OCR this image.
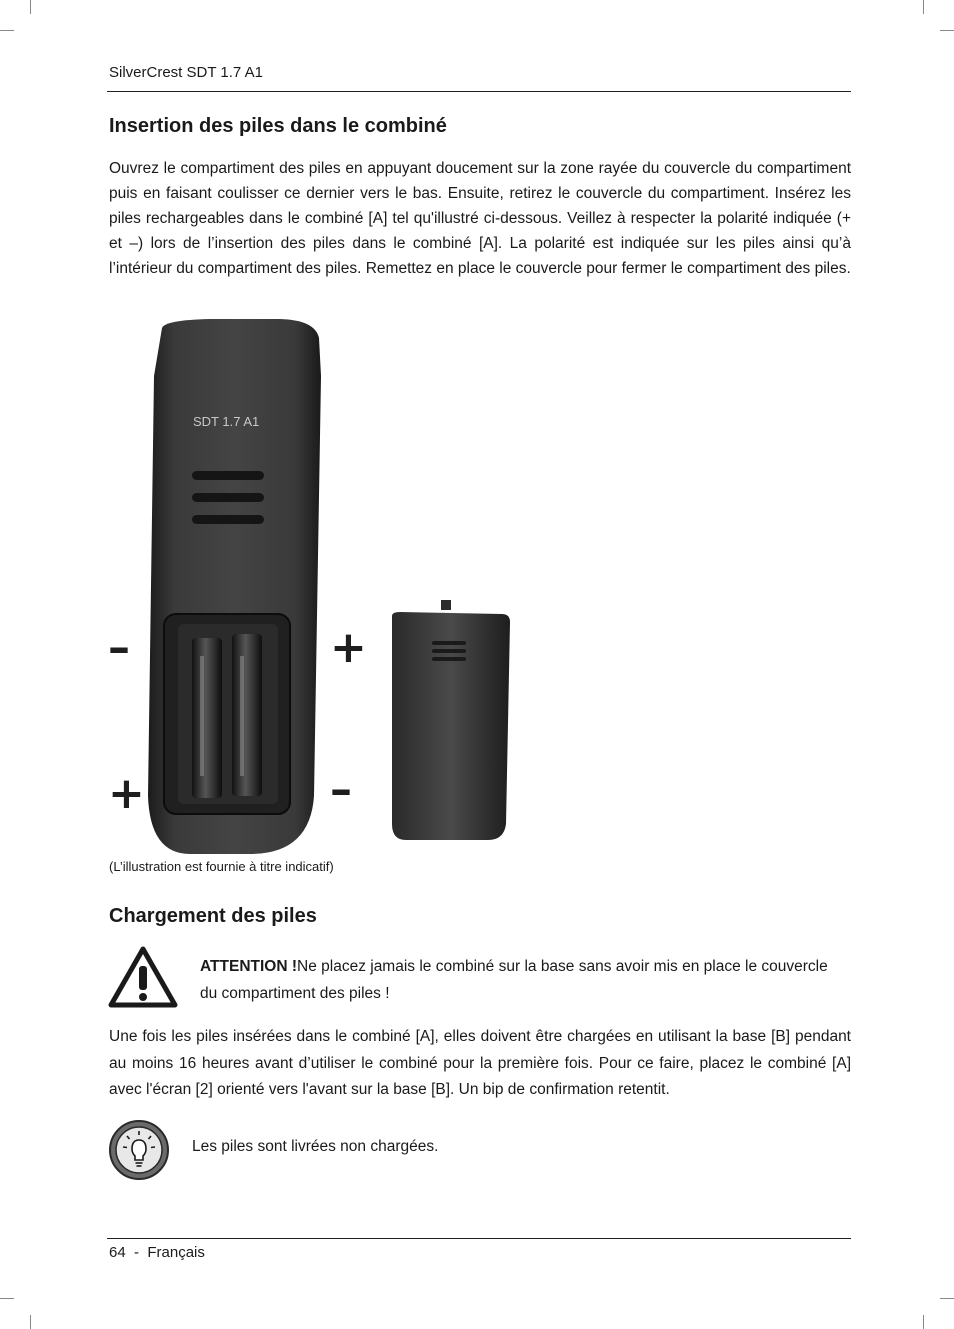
SilverCrest SDT 1.7 A1
Insertion des piles dans le combiné

Ouvrez le compartiment des piles en appuyant doucement sur la zone rayée du couvercle du compartiment puis en faisant coulisser ce dernier vers le bas. Ensuite, retirez le couvercle du compartiment. Insérez les piles rechargeables dans le combiné [A] tel qu'illustré ci-dessous. Veillez à respecter la polarité indiquée (+ et –) lors de l’insertion des piles dans le combiné [A]. La polarité est indiquée sur les piles ainsi qu’à l’intérieur du compartiment des piles. Remettez en place le couvercle pour fermer le compartiment des piles.

SDT 1.7 A1
–	+
+	–
(L’illustration est fournie à titre indicatif)
Chargement des piles
ATTENTION !Ne placez jamais le combiné sur la base sans avoir mis en place le couvercle du compartiment des piles !

Une fois les piles insérées dans le combiné [A], elles doivent être chargées en utilisant la base [B] pendant au moins 16 heures avant d’utiliser le combiné pour la première fois. Pour ce faire, placez le combiné [A] avec l'écran [2] orienté vers l'avant sur la base [B]. Un bip de confirmation retentit.

Les piles sont livrées non chargées.
64  -  Français
